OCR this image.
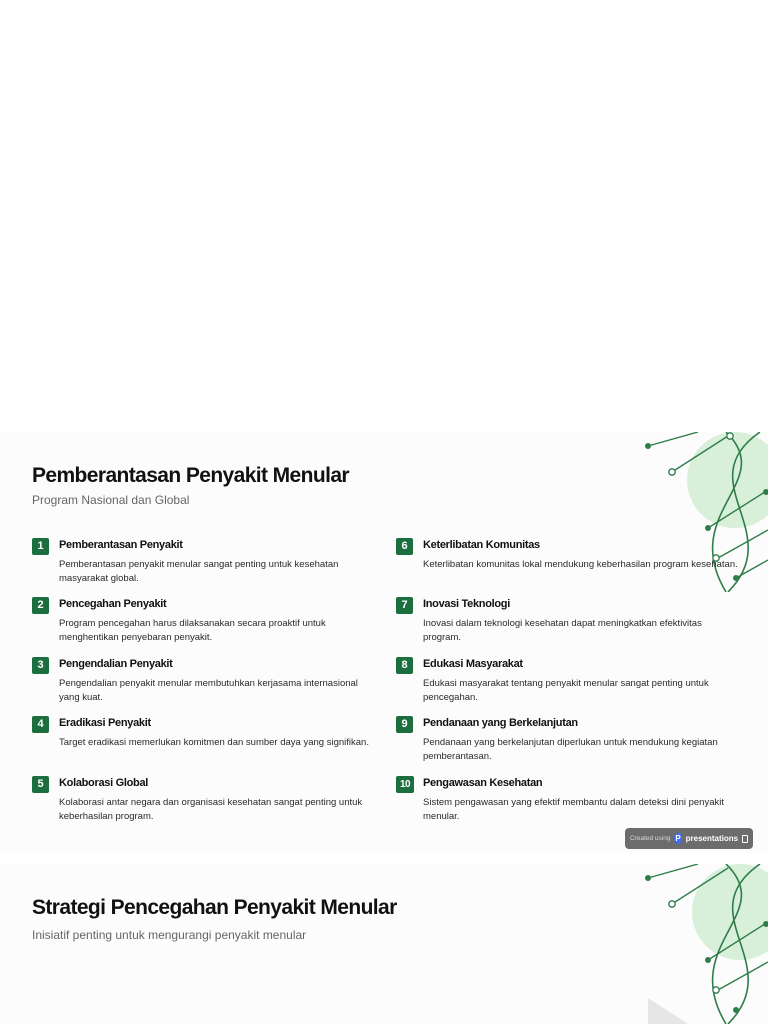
Pemberantasan Penyakit Menular

Program Nasional dan Global

1	Pemberantasan Penyakit

Pemberantasan penyakit menular sangat penting untuk kesehatan masyarakat global.

2	Pencegahan Penyakit

Program pencegahan harus dilaksanakan secara proaktif untuk menghentikan penyebaran penyakit.

3	Pengendalian Penyakit

Pengendalian penyakit menular membutuhkan kerjasama internasional yang kuat.

4	Eradikasi Penyakit

Target eradikasi memerlukan komitmen dan sumber daya yang signifikan.

5	Kolaborasi Global

Kolaborasi antar negara dan organisasi kesehatan sangat penting untuk keberhasilan program.

6	Keterlibatan Komunitas

Keterlibatan komunitas lokal mendukung keberhasilan program kesehatan.

7	Inovasi Teknologi

Inovasi dalam teknologi kesehatan dapat meningkatkan efektivitas program.

8	Edukasi Masyarakat

Edukasi masyarakat tentang penyakit menular sangat penting untuk pencegahan.

9	Pendanaan yang Berkelanjutan

Pendanaan yang berkelanjutan diperlukan untuk mendukung kegiatan pemberantasan.

10	Pengawasan Kesehatan

Sistem pengawasan yang efektif membantu dalam deteksi dini penyakit menular.

Created using P presentations
Strategi Pencegahan Penyakit Menular

Inisiatif penting untuk mengurangi penyakit menular
